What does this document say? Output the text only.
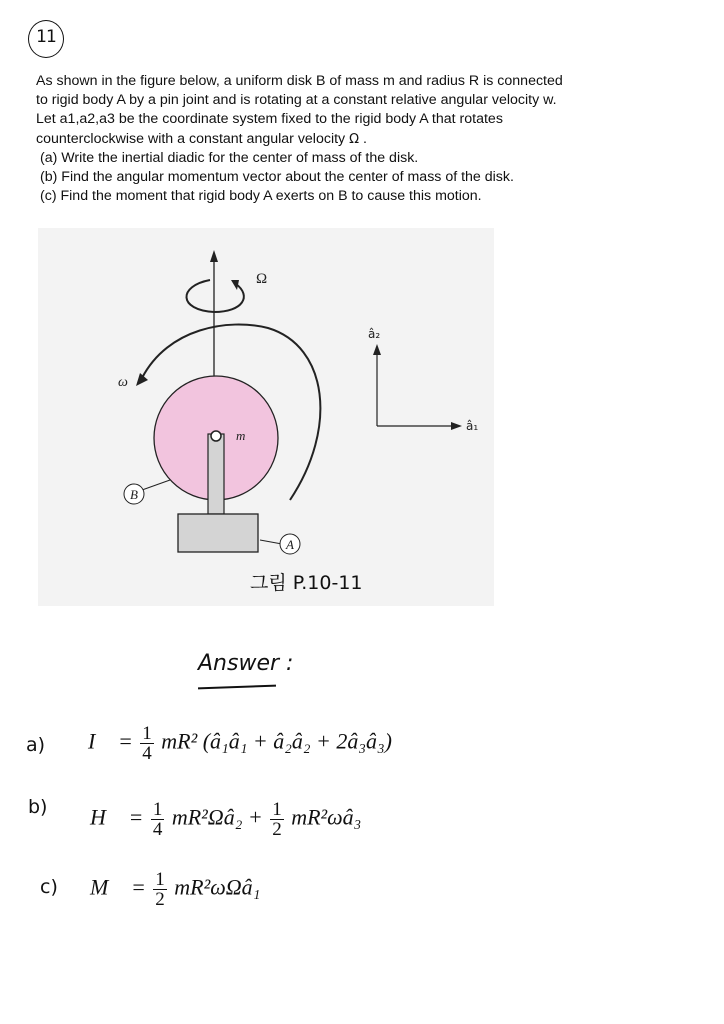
11

As shown in the figure below, a uniform disk B of mass m and radius R is connected

to rigid body A by a pin joint and is rotating at a constant relative angular velocity w.

Let a1,a2,a3 be the coordinate system fixed to the rigid body A that rotates

counterclockwise with a constant angular velocity Ω .

(a) Write the inertial diadic for the center of mass of the disk.

(b) Find the angular momentum vector about the center of mass of the disk.

(c) Find the moment that rigid body A exerts on B to cause this motion.

Ω
ω
m
B
A
â₂
â₁
그림 P.10-11
Answer :
a) I⃗ = $\frac{1}{4} mR^2$ (â₁â₁ + â₂â₂ + 2â₃â₃)
b) H⃗ = $\frac{1}{4}$ mR²Ωâ₂ + $\frac{1}{2}$ mR²ωâ₃
c) M⃗ = $\frac{1}{2}$ mR²ωΩâ₁
